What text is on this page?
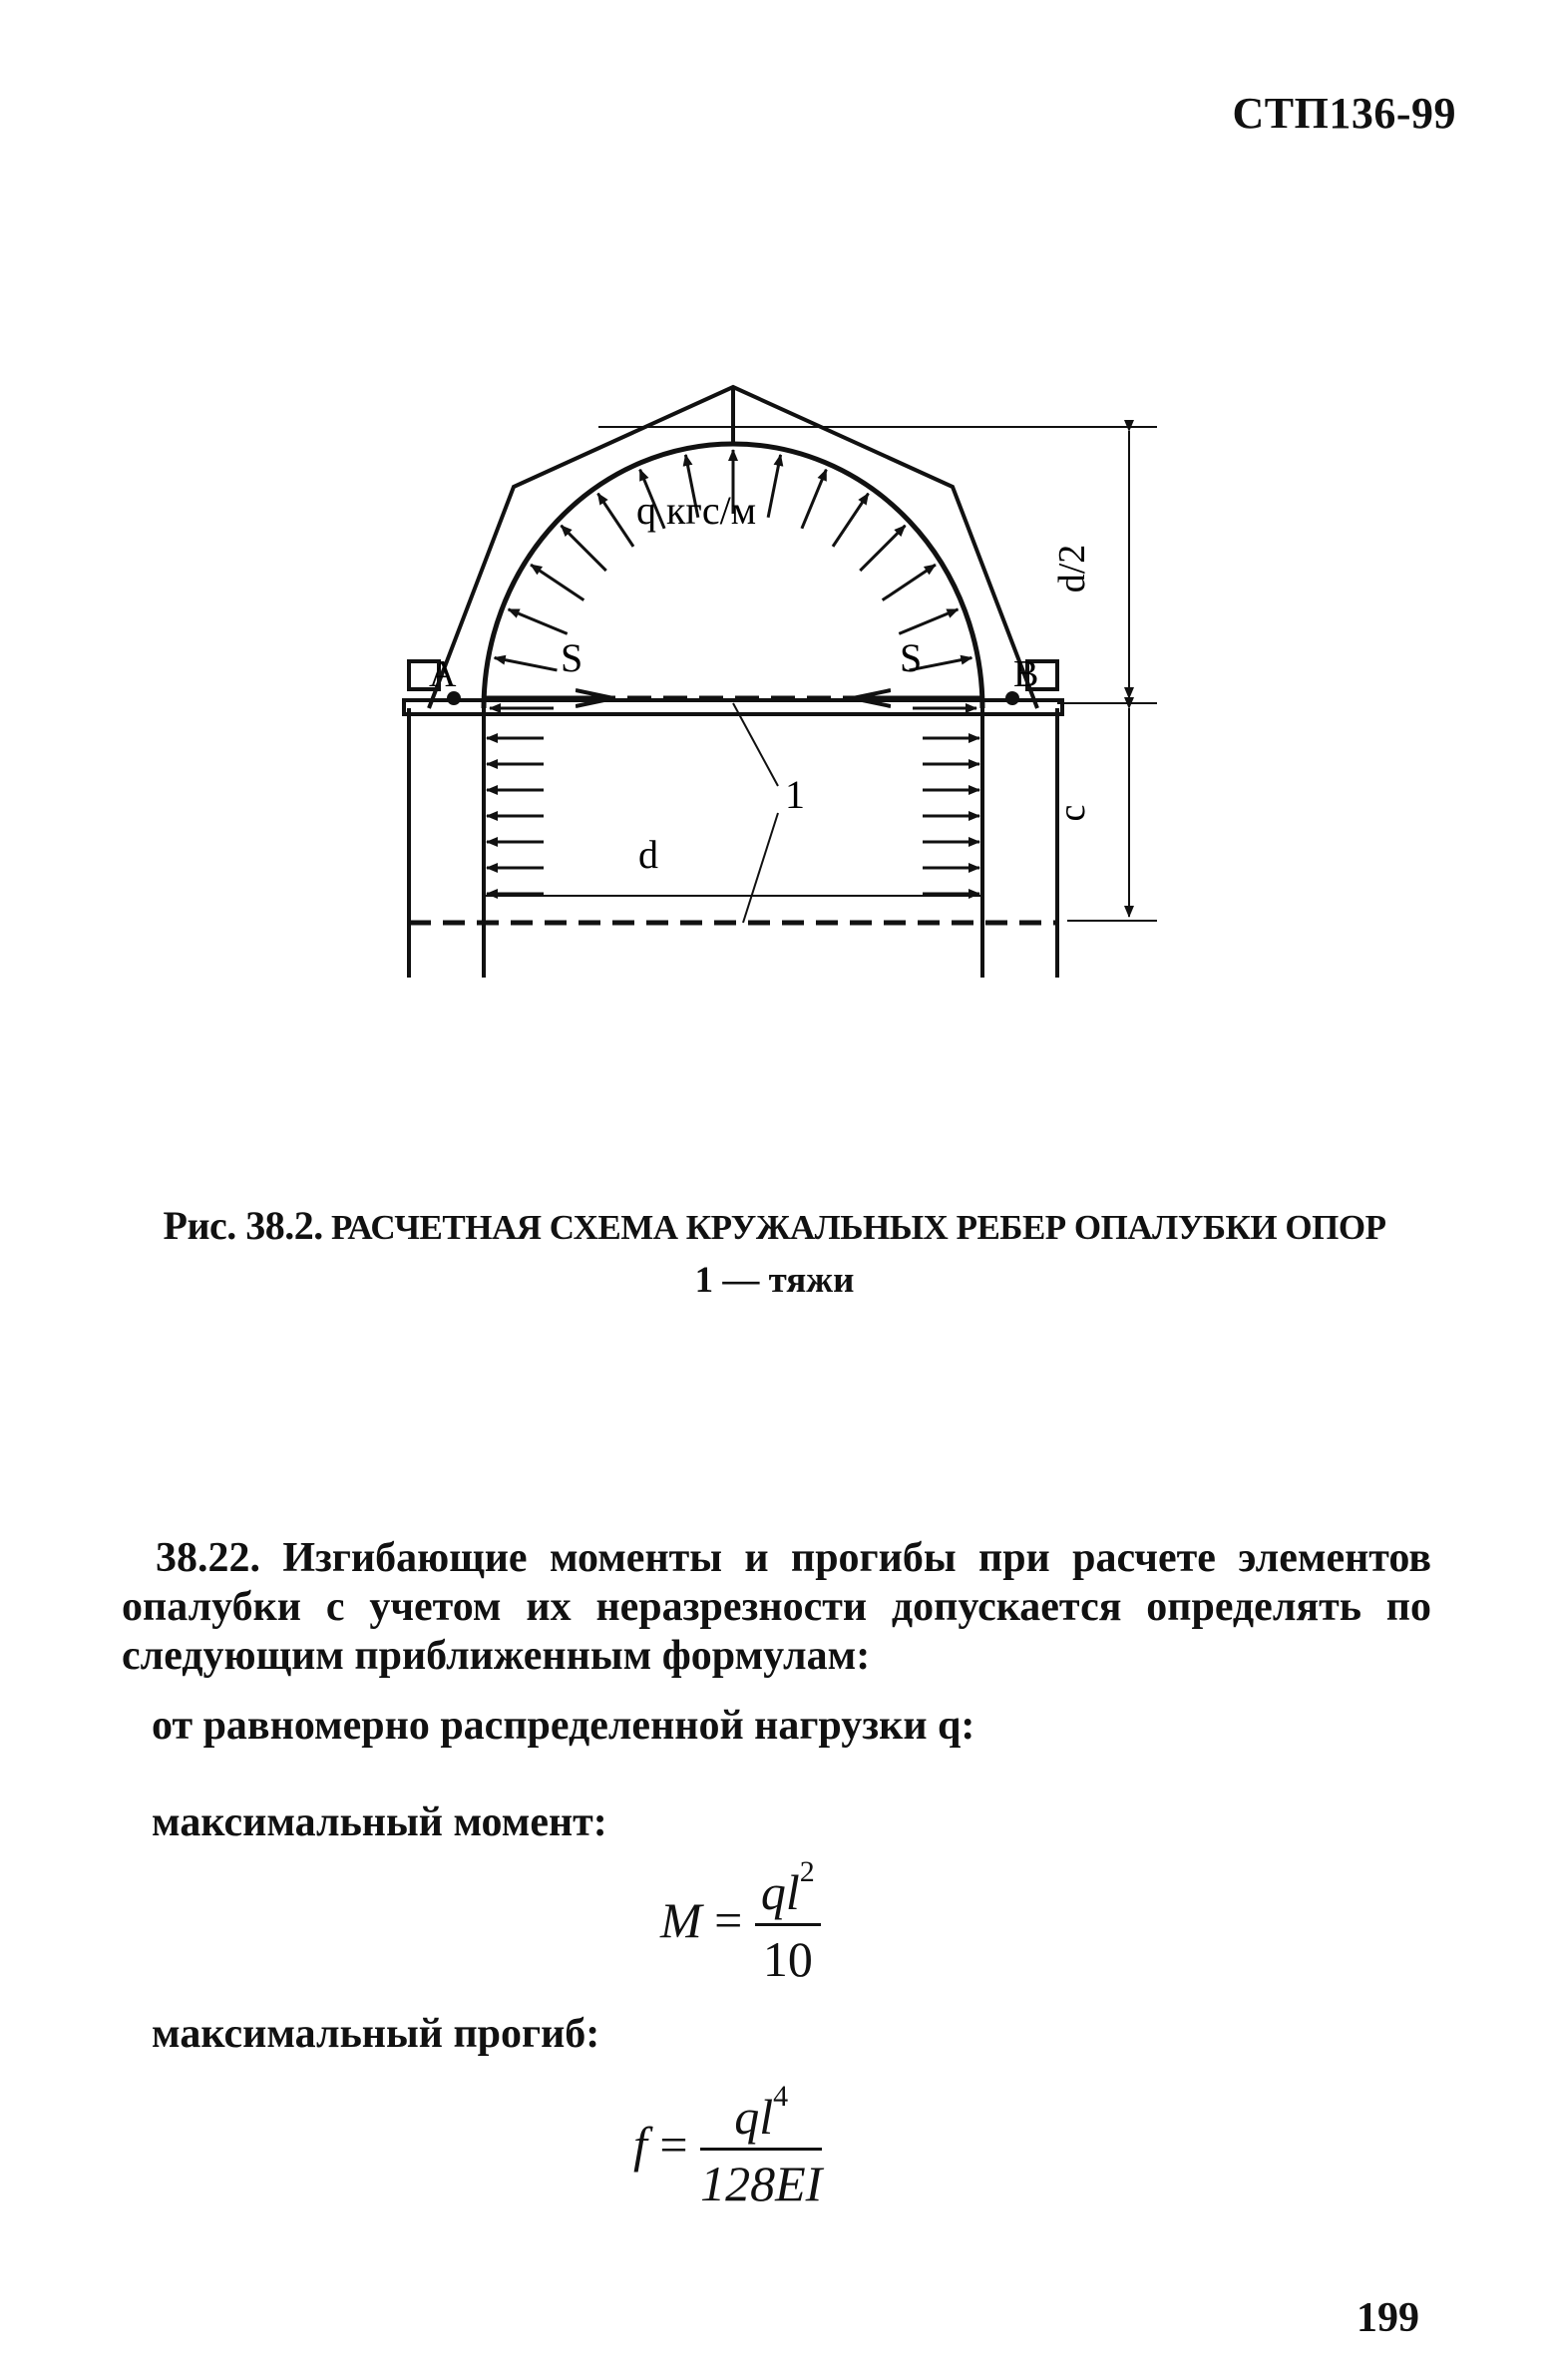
СТП136-99
q кгс/м
A	B
S	S
d
1
d/2
c
Рис. 38.2. РАСЧЕТНАЯ СХЕМА КРУЖАЛЬНЫХ РЕБЕР ОПАЛУБКИ ОПОР
1 — тяжи
38.22. Изгибающие моменты и прогибы при расчете элементов опалубки с учетом их неразрезности допускается определять по следующим приближенным формулам:
от равномерно распределенной нагрузки q:
максимальный момент:
$M = \frac{ql^2}{10}$
максимальный прогиб:
$f = \frac{ql^4}{128EI}$
199
